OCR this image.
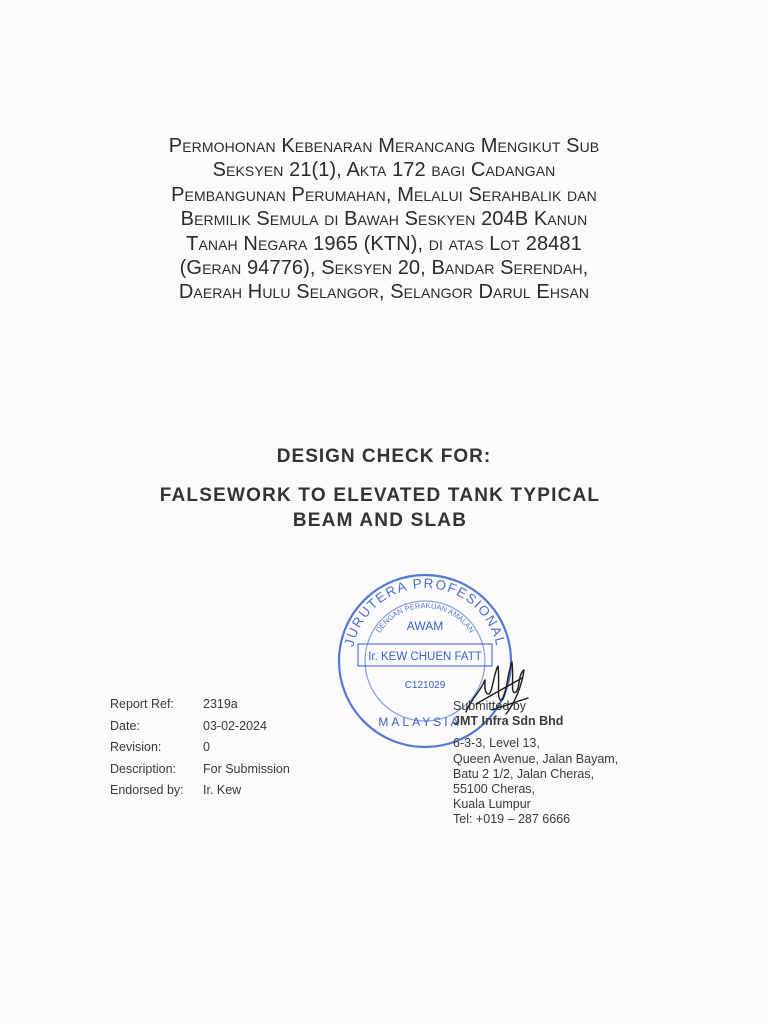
Permohonan Kebenaran Merancang Mengikut Sub
Seksyen 21(1), Akta 172 bagi Cadangan
Pembangunan Perumahan, Melalui Serahbalik dan
Bermilik Semula di Bawah Seskyen 204B Kanun
Tanah Negara 1965 (KTN), di atas Lot 28481
(Geran 94776), Seksyen 20, Bandar Serendah,
Daerah Hulu Selangor, Selangor Darul Ehsan
DESIGN CHECK FOR:
FALSEWORK TO ELEVATED TANK TYPICAL
BEAM AND SLAB
JURUTERA PROFESIONAL
DENGAN PERAKUAN AMALAN
AWAM
Ir. KEW CHUEN FATT
C121029
MALAYSIA
Report Ref:	2319a
Date:	03-02-2024
Revision:	0
Description:	For Submission
Endorsed by:	Ir. Kew
Submitted by
JMT Infra Sdn Bhd
6-3-3, Level 13,
Queen Avenue, Jalan Bayam,
Batu 2 1/2, Jalan Cheras,
55100 Cheras,
Kuala Lumpur
Tel: +019 – 287 6666
